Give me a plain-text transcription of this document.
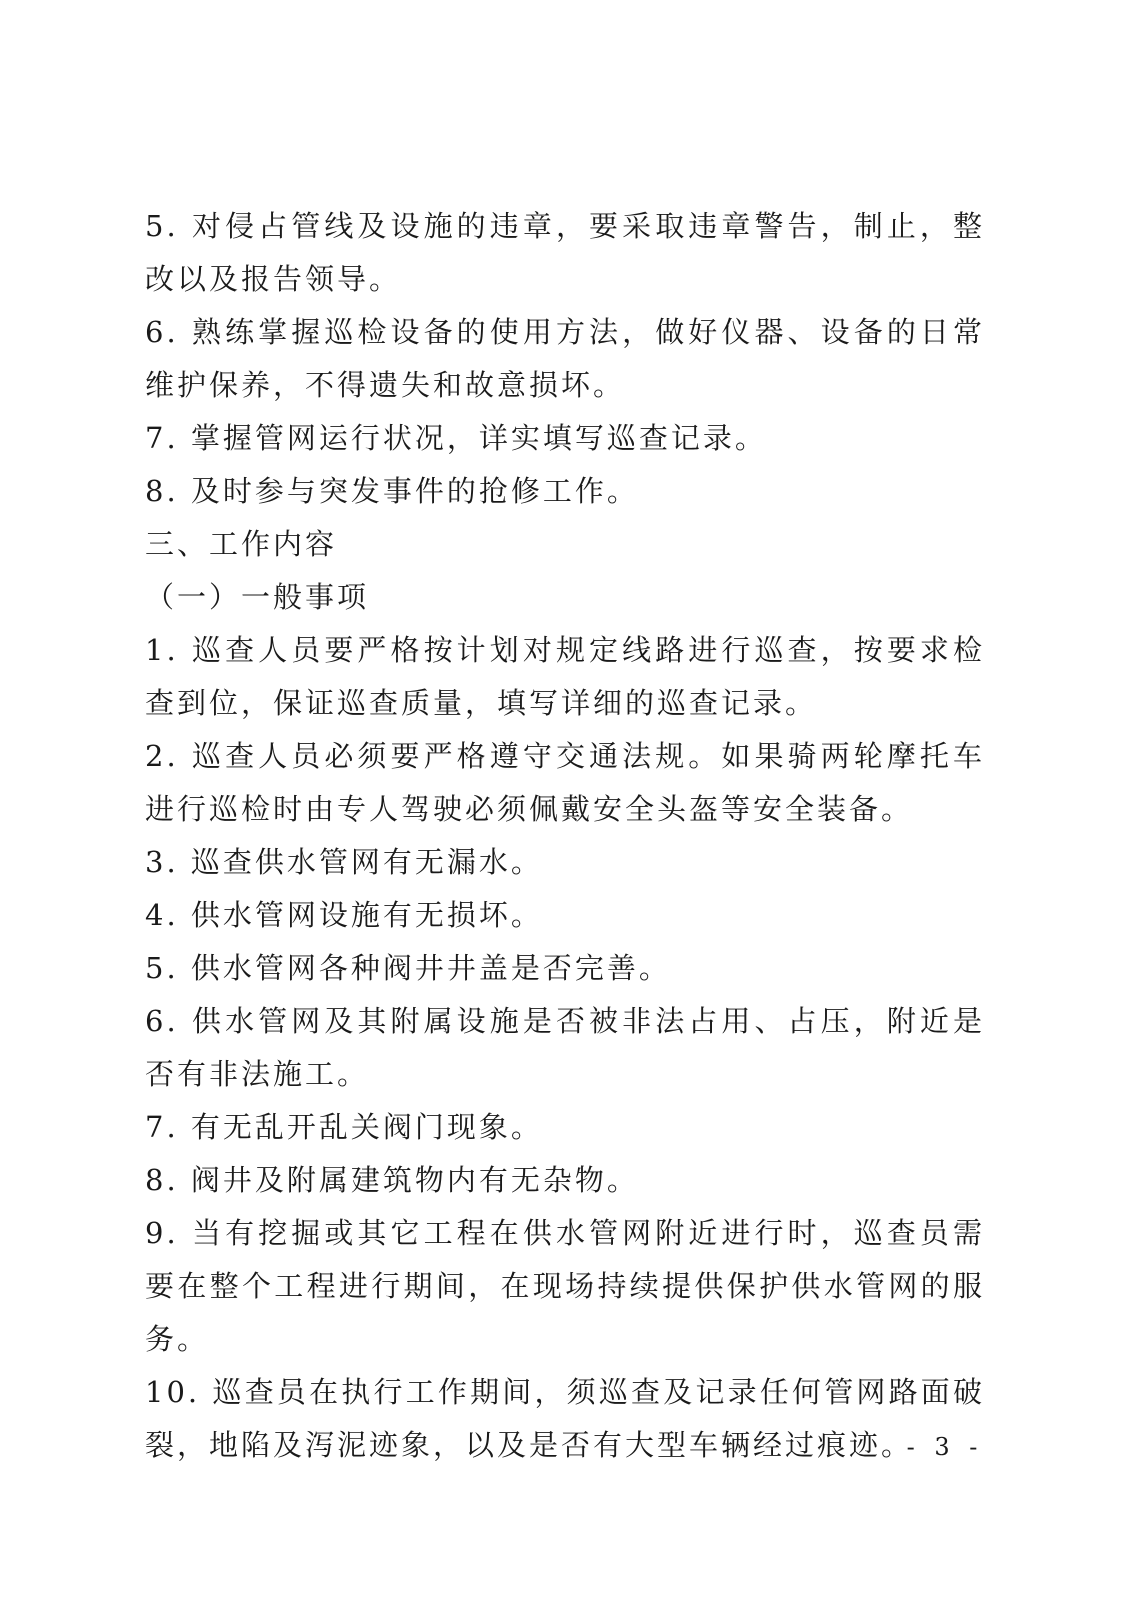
5. 对侵占管线及设施的违章，要采取违章警告，制止，整改以及报告领导。

6. 熟练掌握巡检设备的使用方法，做好仪器、设备的日常维护保养，不得遗失和故意损坏。

7. 掌握管网运行状况，详实填写巡查记录。

8. 及时参与突发事件的抢修工作。

三、工作内容

（一）一般事项

1. 巡查人员要严格按计划对规定线路进行巡查，按要求检查到位，保证巡查质量，填写详细的巡查记录。

2. 巡查人员必须要严格遵守交通法规。如果骑两轮摩托车进行巡检时由专人驾驶必须佩戴安全头盔等安全装备。

3. 巡查供水管网有无漏水。

4. 供水管网设施有无损坏。

5. 供水管网各种阀井井盖是否完善。

6. 供水管网及其附属设施是否被非法占用、占压，附近是否有非法施工。

7. 有无乱开乱关阀门现象。

8. 阀井及附属建筑物内有无杂物。

9. 当有挖掘或其它工程在供水管网附近进行时，巡查员需要在整个工程进行期间，在现场持续提供保护供水管网的服务。

10. 巡查员在执行工作期间，须巡查及记录任何管网路面破裂，地陷及泻泥迹象，以及是否有大型车辆经过痕迹。

- 3 -
